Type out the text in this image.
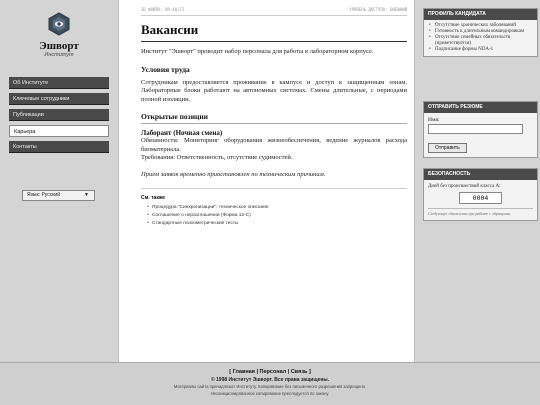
Эшворт
Институт
Об Институте
Ключевые сотрудники
Публикации
Карьера
Контакты
Язык: Русский	▼
ID ФАЙЛА: RR-48/II	УРОВЕНЬ ДОСТУПА: ВНЕШНИЙ
Вакансии

Институт "Эшворт" проводит набор персонала для работы в лабораторном корпусе.

Условия труда

Сотрудникам предоставляется проживание в кампусе и доступ к защищенным зонам. Лабораторные блоки работают на автономных системах. Смены длительные, с периодами полной изоляции.

Открытые позиции
Лаборант (Ночная смена)

Обязанности: Мониторинг оборудования жизнеобеспечения, ведение журналов расхода биоматериала.

Требования: Ответственность, отсутствие судимостей.

Прием заявок временно приостановлен по техническим причинам.

См. также
• Процедура "Синхронизации": техническое описание
• Соглашение о неразглашении (Форма 12-С)
• Стандартные психометрические тесты
ПРОФИЛЬ КАНДИДАТА
• Отсутствие хронических заболеваний
• Готовность к длительным командировкам
• Отсутствие семейных обязательств (приветствуется)
• Подписание формы NDA-1
ОТПРАВИТЬ РЕЗЮМЕ
Имя:
Отправить
БЕЗОПАСНОСТЬ
Дней без происшествий класса А:
0004
Следующее обновление при работе с образцами.
[ Главная | Персонал | Связь ]
© 1998 Институт Эшворт. Все права защищены.
Материалы сайта принадлежат Институту. Копирование без письменного разрешения запрещено.
Несанкционированное копирование преследуется по закону.
